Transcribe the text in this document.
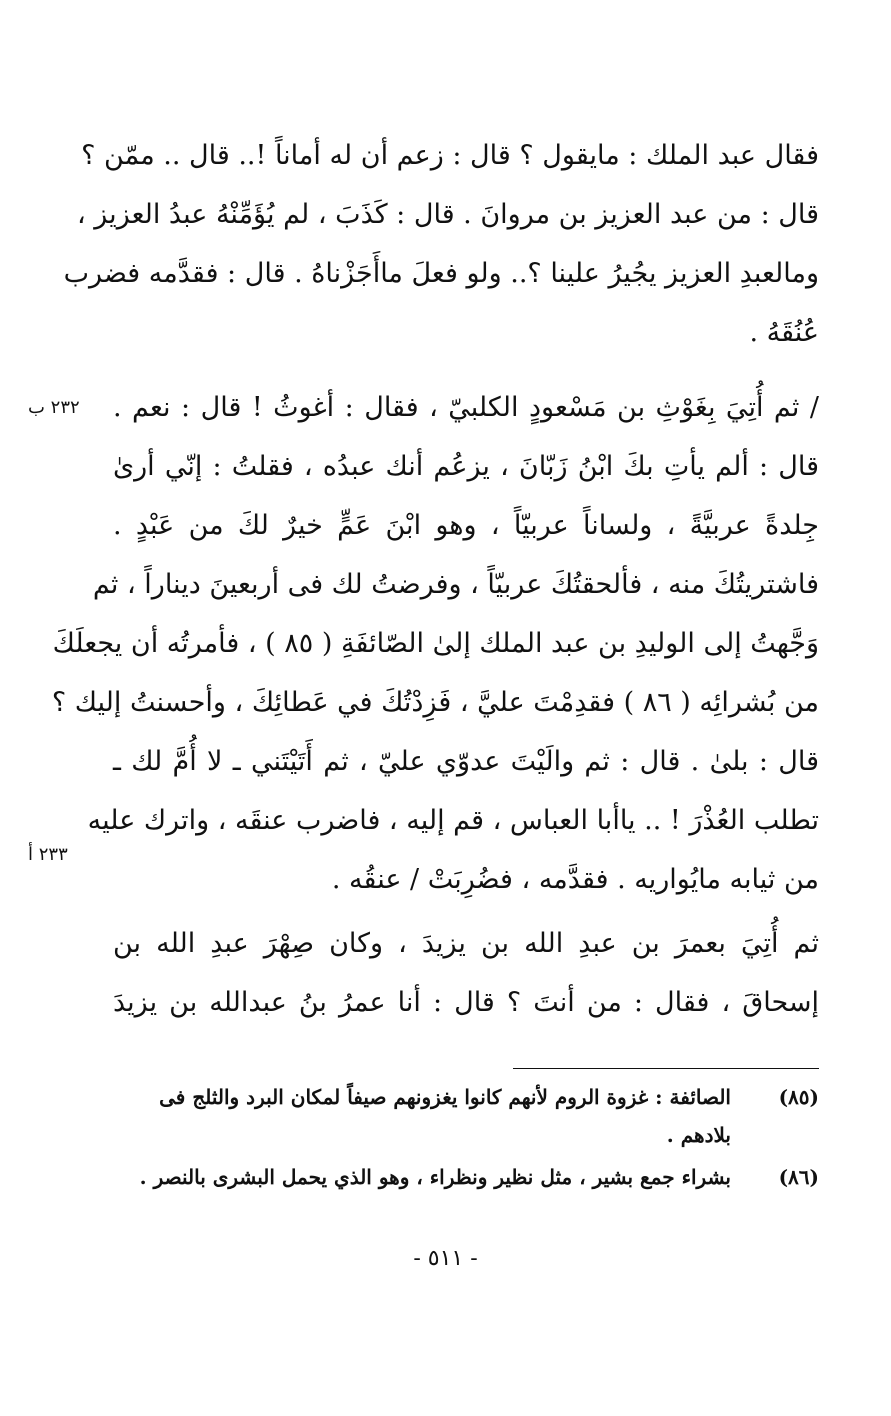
فقال عبد الملك : مايقول ؟ قال : زعم أن له أماناً !.. قال .. ممّن ؟
قال : من عبد العزيز بن مروانَ . قال : كَذَبَ ، لم يُؤَمِّنْهُ عبدُ العزيز ،
ومالعبدِ العزيز يجُيرُ علينا ؟.. ولو فعلَ ماأَجَزْناهُ . قال : فقدَّمه فضرب
عُنُقَهُ .
/ ثم أُتِيَ بِغَوْثِ بن مَسْعودٍ الكلبيّ ، فقال : أغوثُ ! قال : نعم .
قال : ألم يأتِ بكَ ابْنُ زَبّانَ ، يزعُم أنك عبدُه ، فقلتُ : إنّي أرىٰ
جِلدةً عربيَّةً ، ولساناً عربيّاً ، وهو ابْنَ عَمٍّ خيرٌ لكَ من عَبْدٍ .
فاشتريتُكَ منه ، فألحقتُكَ عربيّاً ، وفرضتُ لك فى أربعينَ ديناراً ، ثم
وَجَّهتُ إلى الوليدِ بن عبد الملك إلىٰ الصّائفَةِ ( ٨٥ ) ، فأمرتُه أن يجعلَكَ
من بُشرائِه ( ٨٦ ) فقدِمْتَ عليَّ ، فَزِدْتُكَ في عَطائِكَ ، وأحسنتُ إليك ؟
قال : بلىٰ . قال : ثم والَيْتَ عدوّي عليّ ، ثم أَتَيْتَني ـ لا أُمَّ لك ـ
تطلب العُذْرَ ! .. ياأبا العباس ، قم إليه ، فاضرب عنقَه ، واترك عليه
من ثيابه مايُواريه . فقدَّمه ، فضُرِبَتْ / عنقُه .
٢٣٢ ب
٢٣٣ أ
ثم أُتِيَ بعمرَ بن عبدِ الله بن يزيدَ ، وكان صِهْرَ عبدِ الله بن
إسحاقَ ، فقال : من أنتَ ؟ قال : أنا عمرُ بنُ عبدالله بن يزيدَ
(٨٥)
الصائفة : غزوة الروم لأنهم كانوا يغزونهم صيفاً لمكان البرد والثلج فى
بلادهم .
(٨٦)
بشراء جمع بشير ، مثل نظير ونظراء ، وهو الذي يحمل البشرى بالنصر .
- ٥١١ -
